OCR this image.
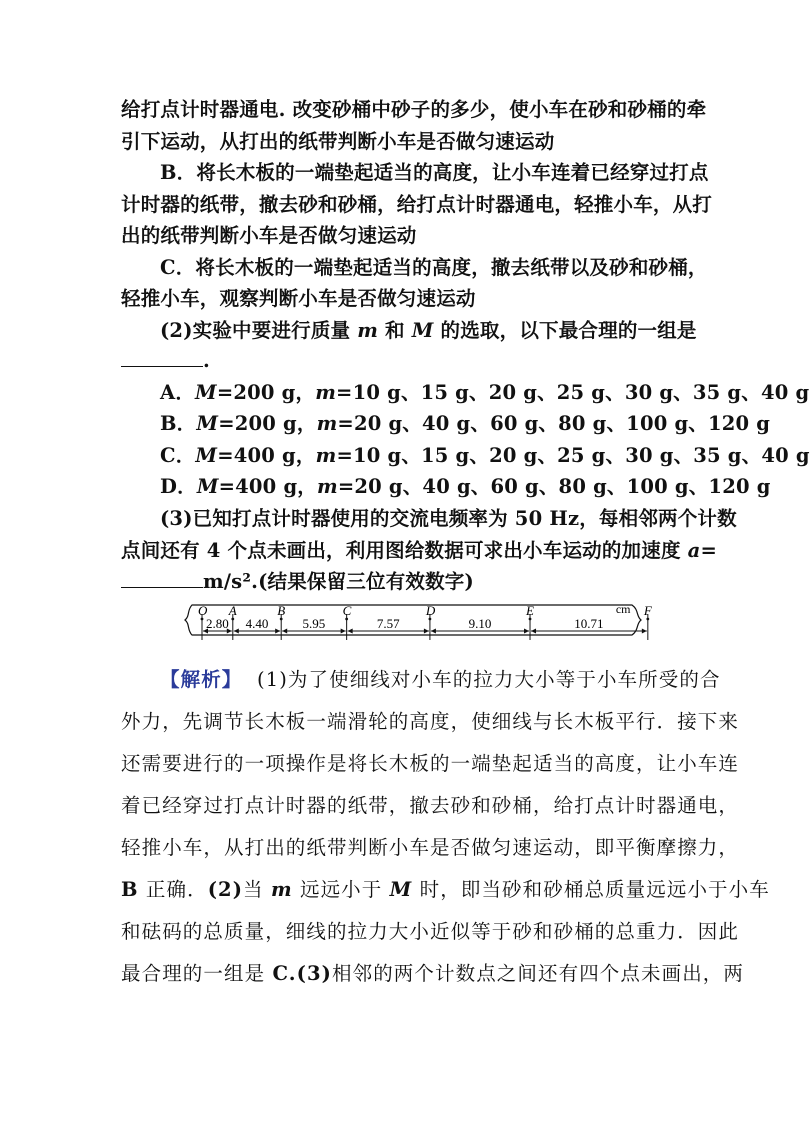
给打点计时器通电. 改变砂桶中砂子的多少，使小车在砂和砂桶的牵
引下运动，从打出的纸带判断小车是否做匀速运动
B．将长木板的一端垫起适当的高度，让小车连着已经穿过打点
计时器的纸带，撤去砂和砂桶，给打点计时器通电，轻推小车，从打
出的纸带判断小车是否做匀速运动
C．将长木板的一端垫起适当的高度，撤去纸带以及砂和砂桶，
轻推小车，观察判断小车是否做匀速运动
(2)实验中要进行质量 m 和 M 的选取，以下最合理的一组是
.
A．M=200 g，m=10 g、15 g、20 g、25 g、30 g、35 g、40 g
B．M=200 g，m=20 g、40 g、60 g、80 g、100 g、120 g
C．M=400 g，m=10 g、15 g、20 g、25 g、30 g、35 g、40 g
D．M=400 g，m=20 g、40 g、60 g、80 g、100 g、120 g
(3)已知打点计时器使用的交流电频率为 50 Hz，每相邻两个计数
点间还有 4 个点未画出，利用图给数据可求出小车运动的加速度 a=
m/s².(结果保留三位有效数字)
O A	B	C	D	E	F
cm
2.80 4.40	5.95	7.57	9.10	10.71
【解析】 (1)为了使细线对小车的拉力大小等于小车所受的合
外力，先调节长木板一端滑轮的高度，使细线与长木板平行．接下来
还需要进行的一项操作是将长木板的一端垫起适当的高度，让小车连
着已经穿过打点计时器的纸带，撤去砂和砂桶，给打点计时器通电，
轻推小车，从打出的纸带判断小车是否做匀速运动，即平衡摩擦力，
B 正确．(2)当 m 远远小于 M 时，即当砂和砂桶总质量远远小于小车
和砝码的总质量，细线的拉力大小近似等于砂和砂桶的总重力．因此
最合理的一组是 C.(3)相邻的两个计数点之间还有四个点未画出，两
